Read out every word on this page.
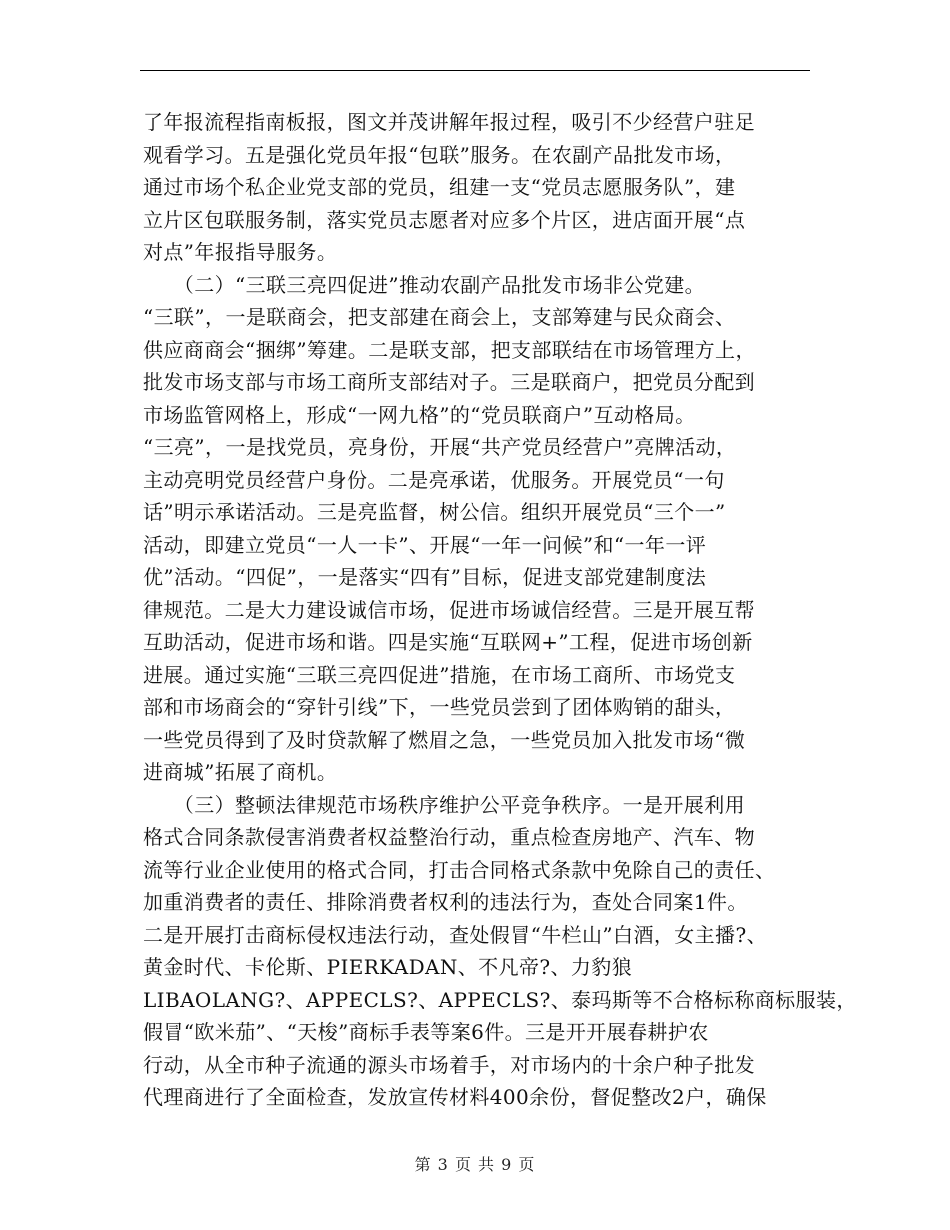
了年报流程指南板报，图文并茂讲解年报过程，吸引不少经营户驻足
观看学习。五是强化党员年报“包联”服务。在农副产品批发市场，
通过市场个私企业党支部的党员，组建一支“党员志愿服务队”，建
立片区包联服务制，落实党员志愿者对应多个片区，进店面开展“点
对点”年报指导服务。
　　（二）“三联三亮四促进”推动农副产品批发市场非公党建。
“三联”，一是联商会，把支部建在商会上，支部筹建与民众商会、
供应商商会“捆绑”筹建。二是联支部，把支部联结在市场管理方上，
批发市场支部与市场工商所支部结对子。三是联商户，把党员分配到
市场监管网格上，形成“一网九格”的“党员联商户”互动格局。
“三亮”，一是找党员，亮身份，开展“共产党员经营户”亮牌活动，
主动亮明党员经营户身份。二是亮承诺，优服务。开展党员“一句
话”明示承诺活动。三是亮监督，树公信。组织开展党员“三个一”
活动，即建立党员“一人一卡”、开展“一年一问候”和“一年一评
优”活动。“四促”，一是落实“四有”目标，促进支部党建制度法
律规范。二是大力建设诚信市场，促进市场诚信经营。三是开展互帮
互助活动，促进市场和谐。四是实施“互联网+”工程，促进市场创新
进展。通过实施“三联三亮四促进”措施，在市场工商所、市场党支
部和市场商会的“穿针引线”下，一些党员尝到了团体购销的甜头，
一些党员得到了及时贷款解了燃眉之急，一些党员加入批发市场“微
进商城”拓展了商机。
　　（三）整顿法律规范市场秩序维护公平竞争秩序。一是开展利用
格式合同条款侵害消费者权益整治行动，重点检查房地产、汽车、物
流等行业企业使用的格式合同，打击合同格式条款中免除自己的责任、
加重消费者的责任、排除消费者权利的违法行为，查处合同案1件。
二是开展打击商标侵权违法行动，查处假冒“牛栏山”白酒，女主播?、
黄金时代、卡伦斯、PIERKADAN、不凡帝?、力豹狼
LIBAOLANG?、APPECLS?、APPECLS?、泰玛斯等不合格标称商标服装，
假冒“欧米茄”、“天梭”商标手表等案6件。三是开开展春耕护农
行动，从全市种子流通的源头市场着手，对市场内的十余户种子批发
代理商进行了全面检查，发放宣传材料400余份，督促整改2户，确保
第 3 页 共 9 页
